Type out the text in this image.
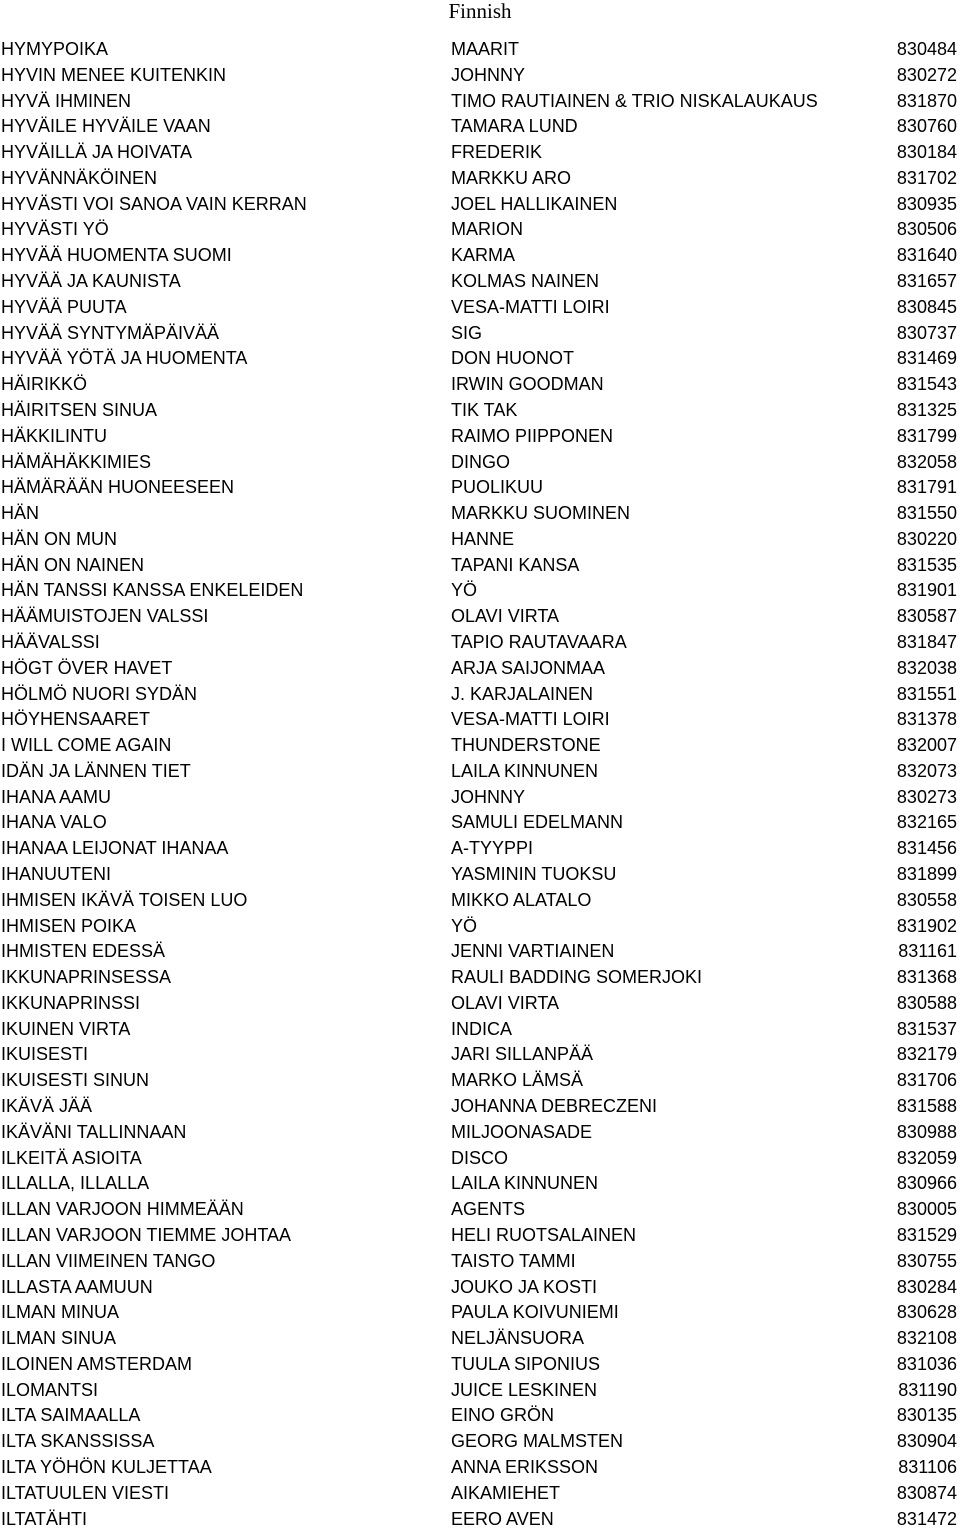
Finnish
HYMYPOIKA	MAARIT	830484
HYVIN MENEE KUITENKIN	JOHNNY	830272
HYVÄ IHMINEN	TIMO RAUTIAINEN & TRIO NISKALAUKAUS	831870
HYVÄILE HYVÄILE VAAN	TAMARA LUND	830760
HYVÄILLÄ JA HOIVATA	FREDERIK	830184
HYVÄNNÄKÖINEN	MARKKU ARO	831702
HYVÄSTI VOI SANOA VAIN KERRAN	JOEL HALLIKAINEN	830935
HYVÄSTI YÖ	MARION	830506
HYVÄÄ HUOMENTA SUOMI	KARMA	831640
HYVÄÄ JA KAUNISTA	KOLMAS NAINEN	831657
HYVÄÄ PUUTA	VESA-MATTI LOIRI	830845
HYVÄÄ SYNTYMÄPÄIVÄÄ	SIG	830737
HYVÄÄ YÖTÄ JA HUOMENTA	DON HUONOT	831469
HÄIRIKKÖ	IRWIN GOODMAN	831543
HÄIRITSEN SINUA	TIK TAK	831325
HÄKKILINTU	RAIMO PIIPPONEN	831799
HÄMÄHÄKKIMIES	DINGO	832058
HÄMÄRÄÄN HUONEESEEN	PUOLIKUU	831791
HÄN	MARKKU SUOMINEN	831550
HÄN ON MUN	HANNE	830220
HÄN ON NAINEN	TAPANI KANSA	831535
HÄN TANSSI KANSSA ENKELEIDEN	YÖ	831901
HÄÄMUISTOJEN VALSSI	OLAVI VIRTA	830587
HÄÄVALSSI	TAPIO RAUTAVAARA	831847
HÖGT ÖVER HAVET	ARJA SAIJONMAA	832038
HÖLMÖ NUORI SYDÄN	J. KARJALAINEN	831551
HÖYHENSAARET	VESA-MATTI LOIRI	831378
I WILL COME AGAIN	THUNDERSTONE	832007
IDÄN JA LÄNNEN TIET	LAILA KINNUNEN	832073
IHANA AAMU	JOHNNY	830273
IHANA VALO	SAMULI EDELMANN	832165
IHANAA LEIJONAT IHANAA	A-TYYPPI	831456
IHANUUTENI	YASMININ TUOKSU	831899
IHMISEN IKÄVÄ TOISEN LUO	MIKKO ALATALO	830558
IHMISEN POIKA	YÖ	831902
IHMISTEN EDESSÄ	JENNI VARTIAINEN	831161
IKKUNAPRINSESSA	RAULI BADDING SOMERJOKI	831368
IKKUNAPRINSSI	OLAVI VIRTA	830588
IKUINEN VIRTA	INDICA	831537
IKUISESTI	JARI SILLANPÄÄ	832179
IKUISESTI SINUN	MARKO LÄMSÄ	831706
IKÄVÄ JÄÄ	JOHANNA DEBRECZENI	831588
IKÄVÄNI TALLINNAAN	MILJOONASADE	830988
ILKEITÄ ASIOITA	DISCO	832059
ILLALLA, ILLALLA	LAILA KINNUNEN	830966
ILLAN VARJOON HIMMEÄÄN	AGENTS	830005
ILLAN VARJOON TIEMME JOHTAA	HELI RUOTSALAINEN	831529
ILLAN VIIMEINEN TANGO	TAISTO TAMMI	830755
ILLASTA AAMUUN	JOUKO JA KOSTI	830284
ILMAN MINUA	PAULA KOIVUNIEMI	830628
ILMAN SINUA	NELJÄNSUORA	832108
ILOINEN AMSTERDAM	TUULA SIPONIUS	831036
ILOMANTSI	JUICE LESKINEN	831190
ILTA SAIMAALLA	EINO GRÖN	830135
ILTA SKANSSISSA	GEORG MALMSTEN	830904
ILTA YÖHÖN KULJETTAA	ANNA ERIKSSON	831106
ILTATUULEN VIESTI	AIKAMIEHET	830874
ILTATÄHTI	EERO AVEN	831472
